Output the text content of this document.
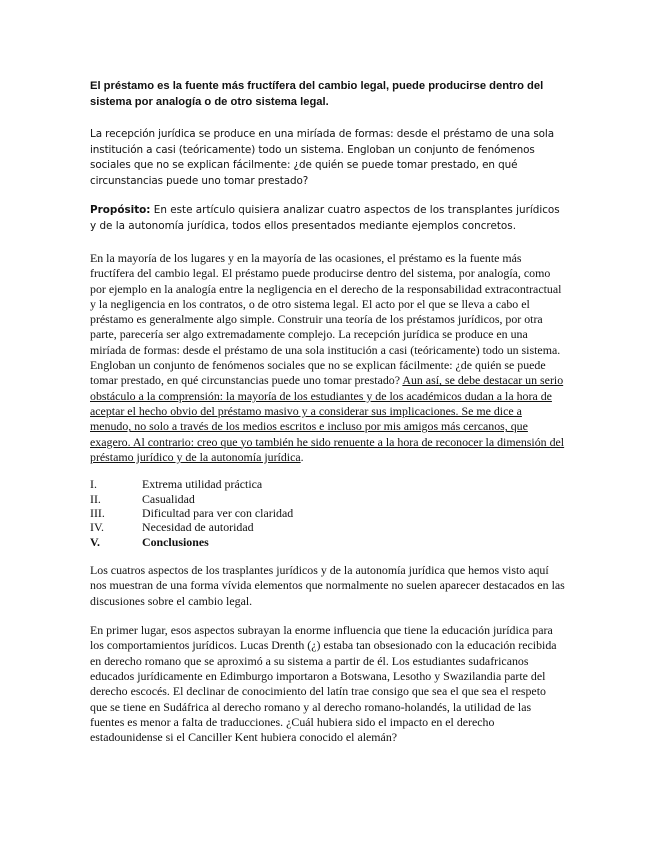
El préstamo es la fuente más fructífera del cambio legal, puede producirse dentro del sistema por analogía o de otro sistema legal.

La recepción jurídica se produce en una miríada de formas: desde el préstamo de una sola institución a casi (teóricamente) todo un sistema. Engloban un conjunto de fenómenos sociales que no se explican fácilmente: ¿de quién se puede tomar prestado, en qué circunstancias puede uno tomar prestado?

Propósito: En este artículo quisiera analizar cuatro aspectos de los transplantes jurídicos y de la autonomía jurídica, todos ellos presentados mediante ejemplos concretos.

En la mayoría de los lugares y en la mayoría de las ocasiones, el préstamo es la fuente más fructífera del cambio legal. El préstamo puede producirse dentro del sistema, por analogía, como por ejemplo en la analogía entre la negligencia en el derecho de la responsabilidad extracontractual y la negligencia en los contratos, o de otro sistema legal. El acto por el que se lleva a cabo el préstamo es generalmente algo simple. Construir una teoría de los préstamos jurídicos, por otra parte, parecería ser algo extremadamente complejo. La recepción jurídica se produce en una miríada de formas: desde el préstamo de una sola institución a casi (teóricamente) todo un sistema. Engloban un conjunto de fenómenos sociales que no se explican fácilmente: ¿de quién se puede tomar prestado, en qué circunstancias puede uno tomar prestado? Aun así, se debe destacar un serio obstáculo a la comprensión: la mayoría de los estudiantes y de los académicos dudan a la hora de aceptar el hecho obvio del préstamo masivo y a considerar sus implicaciones. Se me dice a menudo, no solo a través de los medios escritos e incluso por mis amigos más cercanos, que exagero. Al contrario: creo que yo también he sido renuente a la hora de reconocer la dimensión del préstamo jurídico y de la autonomía jurídica.

I.	Extrema utilidad práctica
II.	Casualidad
III.	Dificultad para ver con claridad
IV.	Necesidad de autoridad
V.	Conclusiones

Los cuatros aspectos de los trasplantes jurídicos y de la autonomía jurídica que hemos visto aquí nos muestran de una forma vívida elementos que normalmente no suelen aparecer destacados en las discusiones sobre el cambio legal.

En primer lugar, esos aspectos subrayan la enorme influencia que tiene la educación jurídica para los comportamientos jurídicos. Lucas Drenth (¿) estaba tan obsesionado con la educación recibida en derecho romano que se aproximó a su sistema a partir de él. Los estudiantes sudafricanos educados jurídicamente en Edimburgo importaron a Botswana, Lesotho y Swazilandia parte del derecho escocés. El declinar de conocimiento del latín trae consigo que sea el que sea el respeto que se tiene en Sudáfrica al derecho romano y al derecho romano-holandés, la utilidad de las fuentes es menor a falta de traducciones. ¿Cuál hubiera sido el impacto en el derecho estadounidense si el Canciller Kent hubiera conocido el alemán?
